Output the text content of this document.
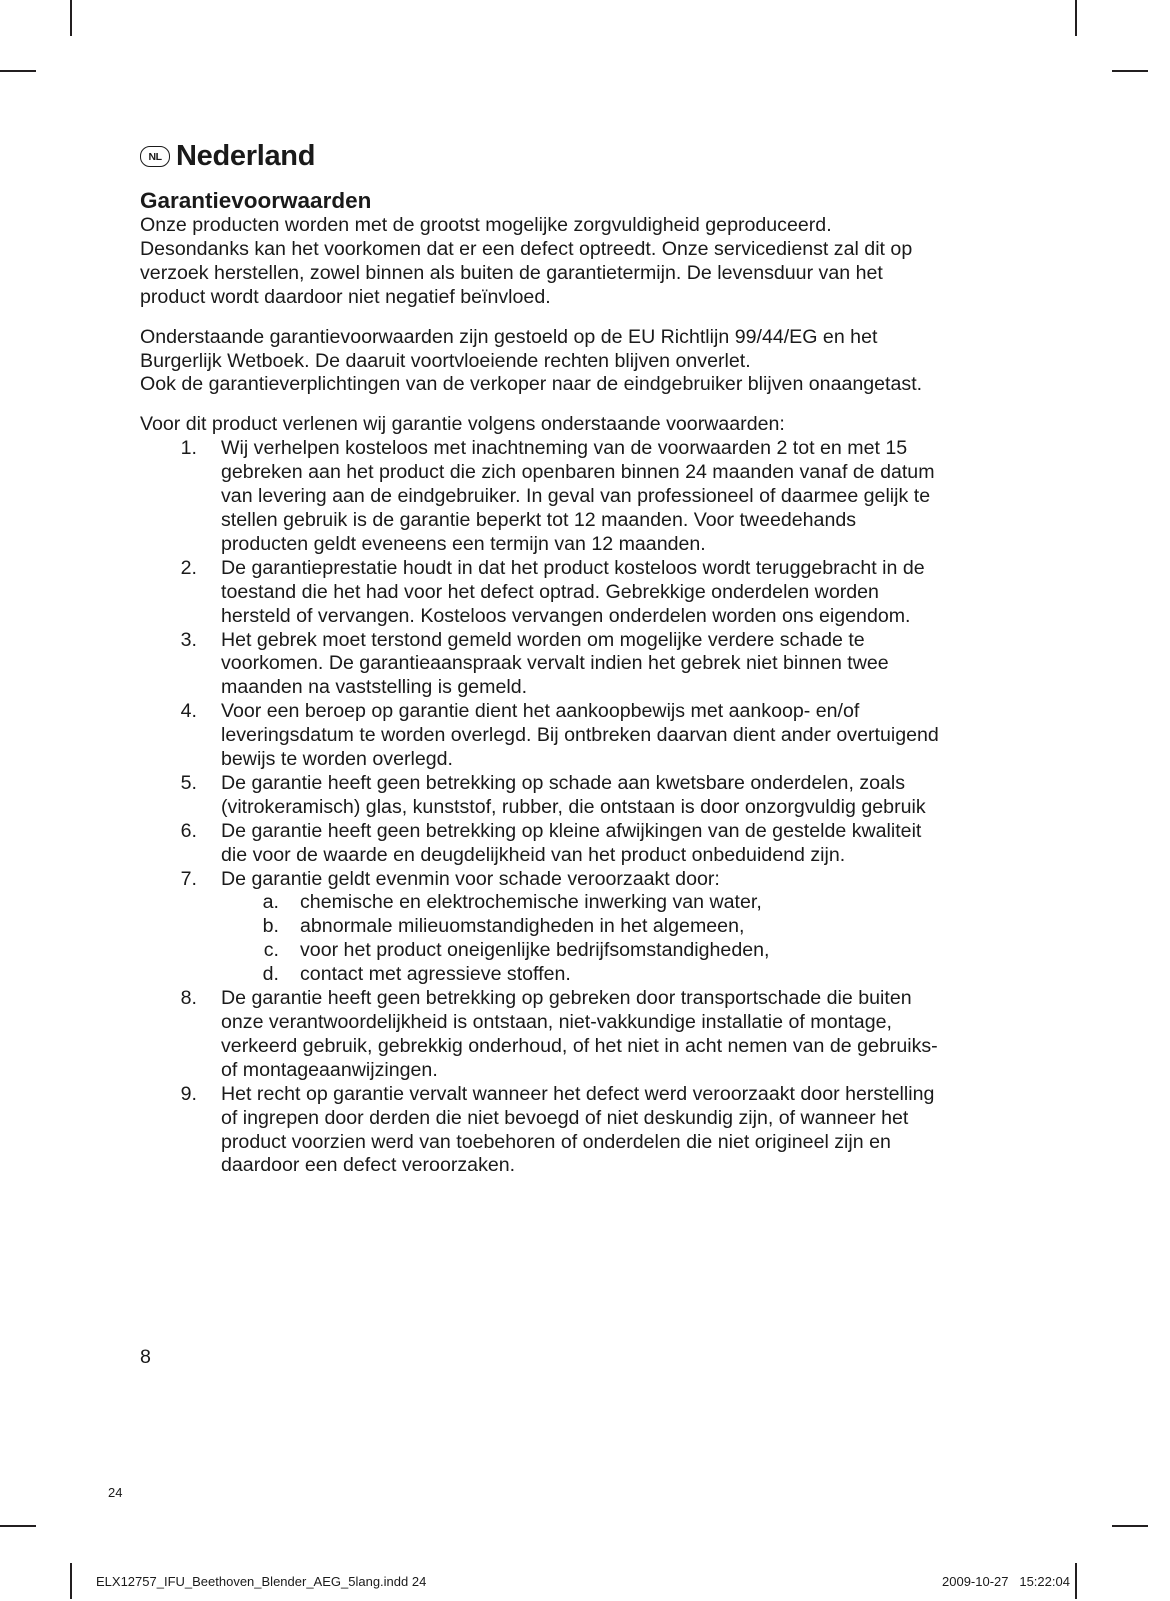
NL Nederland
Garantievoorwaarden

Onze producten worden met de grootst mogelijke zorgvuldigheid geproduceerd. Desondanks kan het voorkomen dat er een defect optreedt. Onze servicedienst zal dit op verzoek herstellen, zowel binnen als buiten de garantietermijn. De levensduur van het product wordt daardoor niet negatief beïnvloed.

Onderstaande garantievoorwaarden zijn gestoeld op de EU Richtlijn 99/44/EG en het Burgerlijk Wetboek. De daaruit voortvloeiende rechten blijven onverlet.

Ook de garantieverplichtingen van de verkoper naar de eindgebruiker blijven onaangetast.

Voor dit product verlenen wij garantie volgens onderstaande voorwaarden:

1. Wij verhelpen kosteloos met inachtneming van de voorwaarden 2 tot en met 15 gebreken aan het product die zich openbaren binnen 24 maanden vanaf de datum van levering aan de eindgebruiker. In geval van professioneel of daarmee gelijk te stellen gebruik is de garantie beperkt tot 12 maanden. Voor tweedehands producten geldt eveneens een termijn van 12 maanden.
2. De garantieprestatie houdt in dat het product kosteloos wordt teruggebracht in de toestand die het had voor het defect optrad. Gebrekkige onderdelen worden hersteld of vervangen. Kosteloos vervangen onderdelen worden ons eigendom.
3. Het gebrek moet terstond gemeld worden om mogelijke verdere schade te voorkomen. De garantieaanspraak vervalt indien het gebrek niet binnen twee maanden na vaststelling is gemeld.
4. Voor een beroep op garantie dient het aankoopbewijs met aankoop- en/of leveringsdatum te worden overlegd. Bij ontbreken daarvan dient ander overtuigend bewijs te worden overlegd.
5. De garantie heeft geen betrekking op schade aan kwetsbare onderdelen, zoals (vitrokeramisch) glas, kunststof, rubber, die ontstaan is door onzorgvuldig gebruik
6. De garantie heeft geen betrekking op kleine afwijkingen van de gestelde kwaliteit die voor de waarde en deugdelijkheid van het product onbeduidend zijn.
7. De garantie geldt evenmin voor schade veroorzaakt door:
a. chemische en elektrochemische inwerking van water,
b. abnormale milieuomstandigheden in het algemeen,
c. voor het product oneigenlijke bedrijfsomstandigheden,
d. contact met agressieve stoffen.
8. De garantie heeft geen betrekking op gebreken door transportschade die buiten onze verantwoordelijkheid is ontstaan, niet-vakkundige installatie of montage, verkeerd gebruik, gebrekkig onderhoud, of het niet in acht nemen van de gebruiks- of montageaanwijzingen.
9. Het recht op garantie vervalt wanneer het defect werd veroorzaakt door herstelling of ingrepen door derden die niet bevoegd of niet deskundig zijn, of wanneer het product voorzien werd van toebehoren of onderdelen die niet origineel zijn en daardoor een defect veroorzaken.
8
24
ELX12757_IFU_Beethoven_Blender_AEG_5lang.indd 24	2009-10-27   15:22:04
